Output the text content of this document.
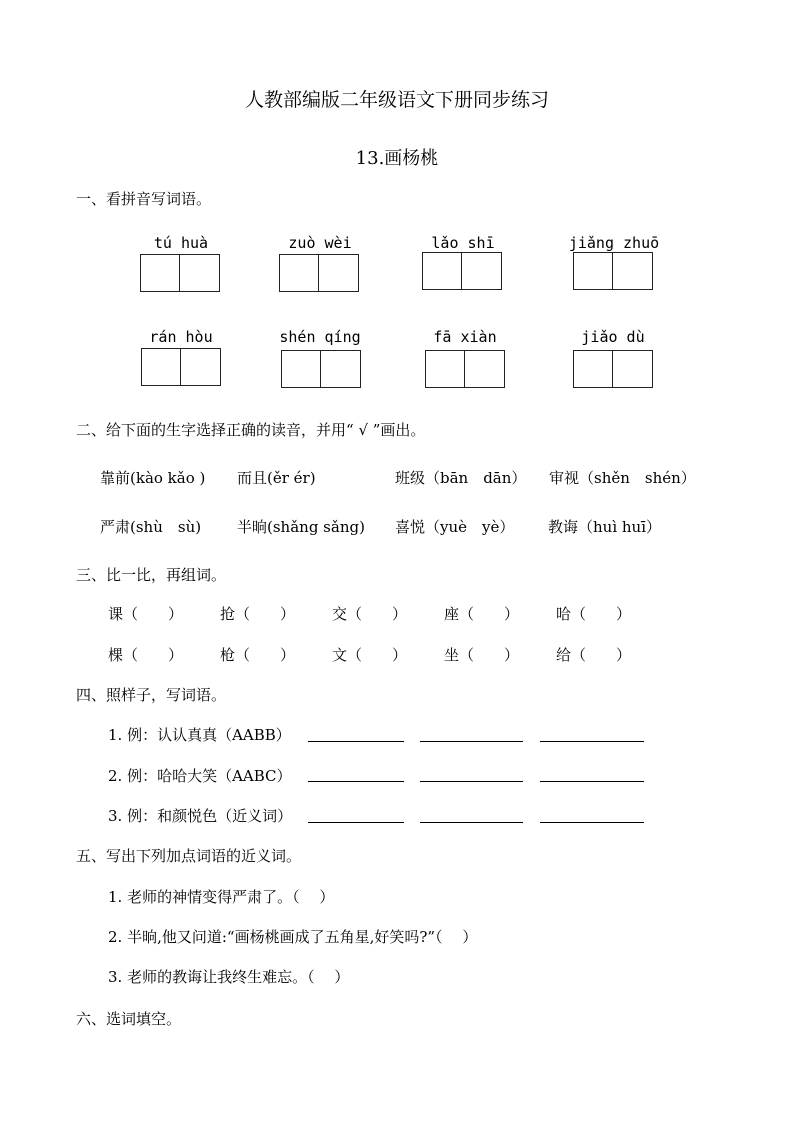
人教部编版二年级语文下册同步练习
13.画杨桃
一、看拼音写词语。
tú huà	zuò wèi	lǎo shī	jiǎng zhuō
rán hòu	shén qíng	fā xiàn	jiǎo dù
二、给下面的生字选择正确的读音，并用“ √ ”画出。
靠前(kào kǎo ) 而且(ěr ér)	班级（bān　dān） 审视（shěn　shén）
严肃(shù　sù) 半晌(shǎng sǎng) 喜悦（yuè　yè） 教诲（huì huī）
三、比一比，再组词。
课（　　） 抢（　　） 交（　　） 座（　　） 哈（　　）
棵（　　） 枪（　　） 文（　　） 坐（　　） 给（　　）
四、照样子，写词语。
1. 例：认认真真（AABB）
2. 例：哈哈大笑（AABC）
3. 例：和颜悦色（近义词）
五、写出下列加点词语的近义词。
1. 老师的神情变得严肃了。（　 ）
2. 半晌,他又问道:“画杨桃画成了五角星,好笑吗?”（　 ）
3. 老师的教诲让我终生难忘。（　 ）
六、选词填空。
